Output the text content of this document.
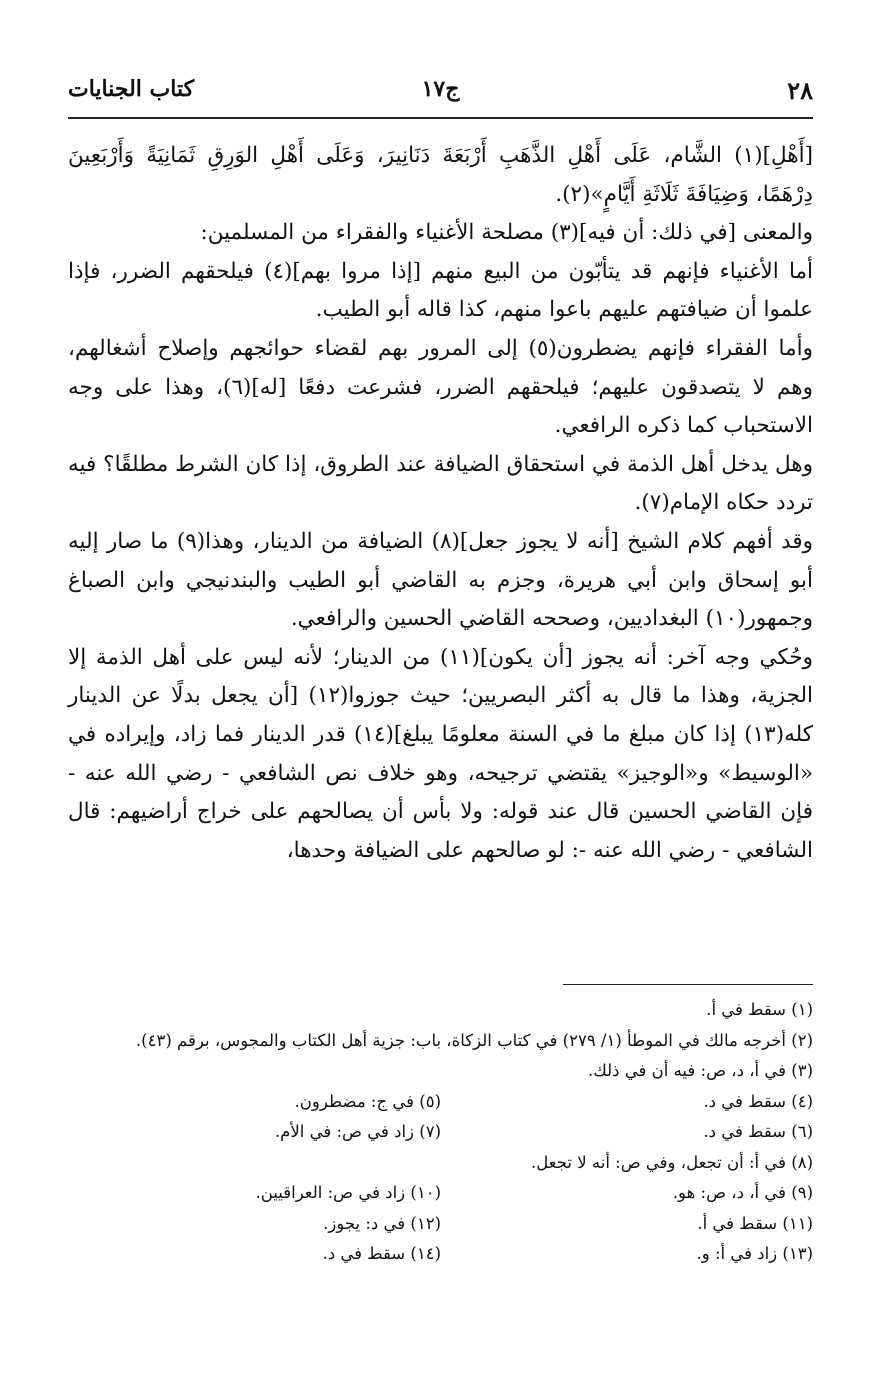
٢٨
ج١٧
كتاب الجنايات

[أَهْلِ](١) الشَّام، عَلَى أَهْلِ الذَّهَبِ أَرْبَعَةَ دَنَانِيرَ، وَعَلَى أَهْلِ الوَرِقِ ثَمَانِيَةً وَأَرْبَعِينَ دِرْهَمًا، وَضِيَافَةَ ثَلَاثَةِ أَيَّامٍ»(٢).

والمعنى [في ذلك: أن فيه](٣) مصلحة الأغنياء والفقراء من المسلمين:

أما الأغنياء فإنهم قد يتأبّون من البيع منهم [إذا مروا بهم](٤) فيلحقهم الضرر، فإذا علموا أن ضيافتهم عليهم باعوا منهم، كذا قاله أبو الطيب.

وأما الفقراء فإنهم يضطرون(٥) إلى المرور بهم لقضاء حوائجهم وإصلاح أشغالهم، وهم لا يتصدقون عليهم؛ فيلحقهم الضرر، فشرعت دفعًا [له](٦)، وهذا على وجه الاستحباب كما ذكره الرافعي.

وهل يدخل أهل الذمة في استحقاق الضيافة عند الطروق، إذا كان الشرط مطلقًا؟ فيه تردد حكاه الإمام(٧).

وقد أفهم كلام الشيخ [أنه لا يجوز جعل](٨) الضيافة من الدينار، وهذا(٩) ما صار إليه أبو إسحاق وابن أبي هريرة، وجزم به القاضي أبو الطيب والبندنيجي وابن الصباغ وجمهور(١٠) البغداديين، وصححه القاضي الحسين والرافعي.

وحُكي وجه آخر: أنه يجوز [أن يكون](١١) من الدينار؛ لأنه ليس على أهل الذمة إلا الجزية، وهذا ما قال به أكثر البصريين؛ حيث جوزوا(١٢) [أن يجعل بدلًا عن الدينار كله(١٣) إذا كان مبلغ ما في السنة معلومًا يبلغ](١٤) قدر الدينار فما زاد، وإيراده في «الوسيط» و«الوجيز» يقتضي ترجيحه، وهو خلاف نص الشافعي - رضي الله عنه - فإن القاضي الحسين قال عند قوله: ولا بأس أن يصالحهم على خراج أراضيهم: قال الشافعي - رضي الله عنه -: لو صالحهم على الضيافة وحدها،

(١) سقط في أ.

(٢) أخرجه مالك في الموطأ (١/ ٢٧٩) في كتاب الزكاة، باب: جزية أهل الكتاب والمجوس، برقم (٤٣).

(٣) في أ، د، ص: فيه أن في ذلك.

(٤) سقط في د.

(٥) في ج: مضطرون.

(٦) سقط في د.

(٧) زاد في ص: في الأم.

(٨) في أ: أن تجعل، وفي ص: أنه لا تجعل.

(٩) في أ، د، ص: هو.

(١٠) زاد في ص: العراقيين.

(١١) سقط في أ.

(١٢) في د: يجوز.

(١٣) زاد في أ: و.

(١٤) سقط في د.
